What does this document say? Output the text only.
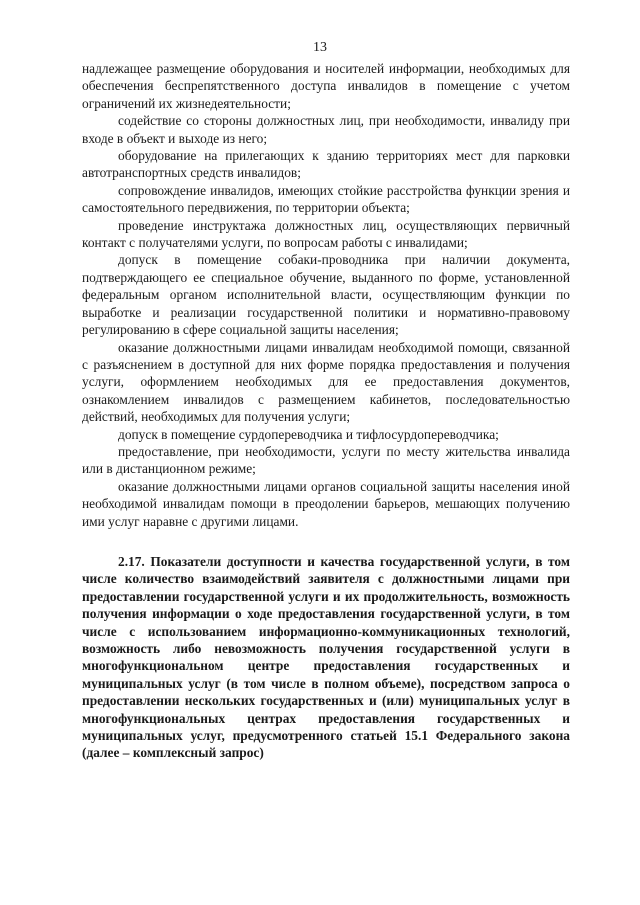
13

надлежащее размещение оборудования и носителей информации, необходимых для обеспечения беспрепятственного доступа инвалидов в помещение с учетом ограничений их жизнедеятельности;

содействие со стороны должностных лиц, при необходимости, инвалиду при входе в объект и выходе из него;

оборудование на прилегающих к зданию территориях мест для парковки автотранспортных средств инвалидов;

сопровождение инвалидов, имеющих стойкие расстройства функции зрения и самостоятельного передвижения, по территории объекта;

проведение инструктажа должностных лиц, осуществляющих первичный контакт с получателями услуги, по вопросам работы с инвалидами;

допуск в помещение собаки-проводника при наличии документа, подтверждающего ее специальное обучение, выданного по форме, установленной федеральным органом исполнительной власти, осуществляющим функции по выработке и реализации государственной политики и нормативно-правовому регулированию в сфере социальной защиты населения;

оказание должностными лицами инвалидам необходимой помощи, связанной с разъяснением в доступной для них форме порядка предоставления и получения услуги, оформлением необходимых для ее предоставления документов, ознакомлением инвалидов с размещением кабинетов, последовательностью действий, необходимых для получения услуги;

допуск в помещение сурдопереводчика и тифлосурдопереводчика;

предоставление, при необходимости, услуги по месту жительства инвалида или в дистанционном режиме;

оказание должностными лицами органов социальной защиты населения иной необходимой инвалидам помощи в преодолении барьеров, мешающих получению ими услуг наравне с другими лицами.

2.17. Показатели доступности и качества государственной услуги, в том числе количество взаимодействий заявителя с должностными лицами при предоставлении государственной услуги и их продолжительность, возможность получения информации о ходе предоставления государственной услуги, в том числе с использованием информационно-коммуникационных технологий, возможность либо невозможность получения государственной услуги в многофункциональном центре предоставления государственных и муниципальных услуг (в том числе в полном объеме), посредством запроса о предоставлении нескольких государственных и (или) муниципальных услуг в многофункциональных центрах предоставления государственных и муниципальных услуг, предусмотренного статьей 15.1 Федерального закона (далее – комплексный запрос)
